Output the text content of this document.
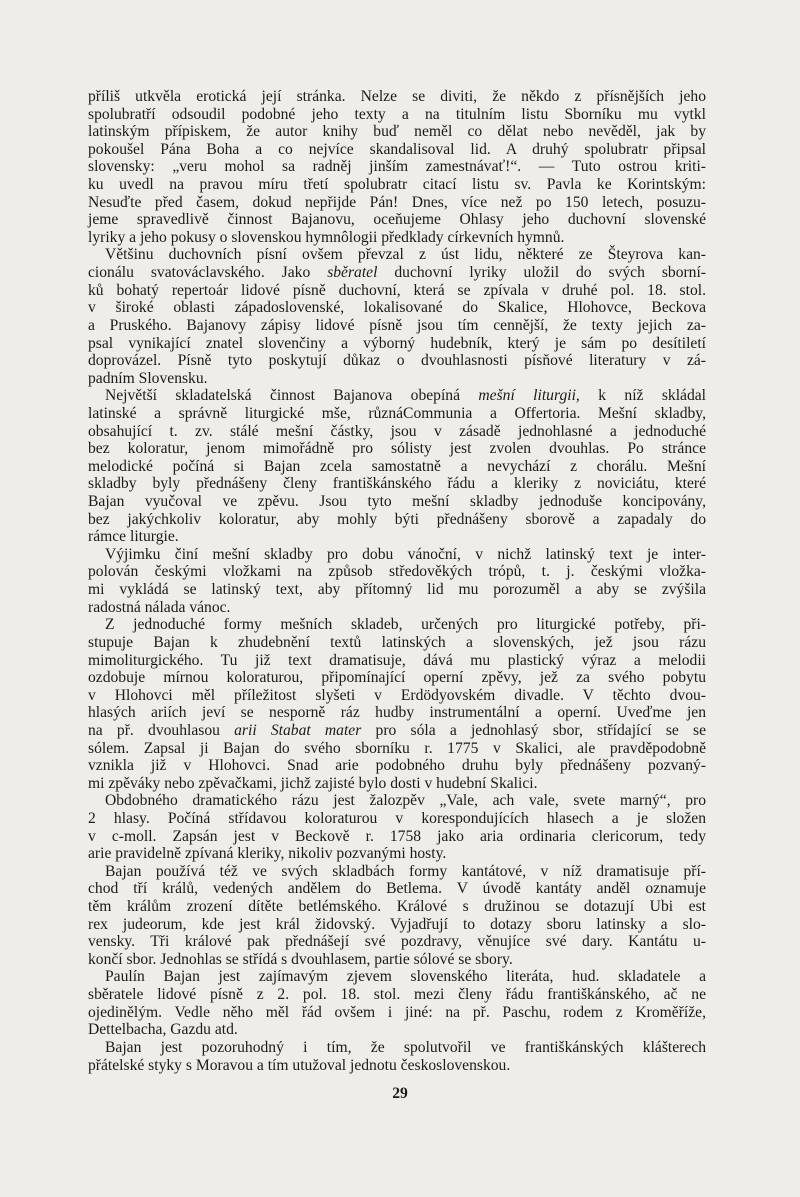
příliš utkvěla erotická její stránka. Nelze se diviti, že někdo z přísnějších jeho
spolubratří odsoudil podobné jeho texty a na titulním listu Sborníku mu vytkl
latinským přípiskem, že autor knihy buď neměl co dělat nebo nevěděl, jak by
pokoušel Pána Boha a co nejvíce skandalisoval lid. A druhý spolubratr připsal
slovensky: „veru mohol sa radněj jinším zamestnávať!“. — Tuto ostrou kriti-
ku uvedl na pravou míru třetí spolubratr citací listu sv. Pavla ke Korintským:
Nesuďte před časem, dokud nepřijde Pán! Dnes, více než po 150 letech, posuzu-
jeme spravedlivě činnost Bajanovu, oceňujeme Ohlasy jeho duchovní slovenské
lyriky a jeho pokusy o slovenskou hymnôlogii předklady církevních hymnů.
Většinu duchovních písní ovšem převzal z úst lidu, některé ze Šteyrova kan-
cionálu svatováclavského. Jako sběratel duchovní lyriky uložil do svých sborní-
ků bohatý repertoár lidové písně duchovní, která se zpívala v druhé pol. 18. stol.
v široké oblasti západoslovenské, lokalisované do Skalice, Hlohovce, Beckova
a Pruského. Bajanovy zápisy lidové písně jsou tím cennější, že texty jejich za-
psal vynikající znatel slovenčiny a výborný hudebník, který je sám po desítiletí
doprovázel. Písně tyto poskytují důkaz o dvouhlasnosti písňové literatury v zá-
padním Slovensku.
Největší skladatelská činnost Bajanova obepíná mešní liturgii, k níž skládal
latinské a správně liturgické mše, různáCommunia a Offertoria. Mešní skladby,
obsahující t. zv. stálé mešní částky, jsou v zásadě jednohlasné a jednoduché
bez koloratur, jenom mimořádně pro sólisty jest zvolen dvouhlas. Po stránce
melodické počíná si Bajan zcela samostatně a nevychází z chorálu. Mešní
skladby byly přednášeny členy františkánského řádu a kleriky z noviciátu, které
Bajan vyučoval ve zpěvu. Jsou tyto mešní skladby jednoduše koncipovány,
bez jakýchkoliv koloratur, aby mohly býti přednášeny sborově a zapadaly do
rámce liturgie.
Výjimku činí mešní skladby pro dobu vánoční, v nichž latinský text je inter-
polován českými vložkami na způsob středověkých trópů, t. j. českými vložka-
mi vykládá se latinský text, aby přítomný lid mu porozuměl a aby se zvýšila
radostná nálada vánoc.
Z jednoduché formy mešních skladeb, určených pro liturgické potřeby, při-
stupuje Bajan k zhudebnění textů latinských a slovenských, jež jsou rázu
mimoliturgického. Tu již text dramatisuje, dává mu plastický výraz a melodii
ozdobuje mírnou koloraturou, připomínající operní zpěvy, jež za svého pobytu
v Hlohovci měl příležitost slyšeti v Erdödyovském divadle. V těchto dvou-
hlasých ariích jeví se nesporně ráz hudby instrumentální a operní. Uveďme jen
na př. dvouhlasou arii Stabat mater pro sóla a jednohlasý sbor, střídající se se
sólem. Zapsal ji Bajan do svého sborníku r. 1775 v Skalici, ale pravděpodobně
vznikla již v Hlohovci. Snad arie podobného druhu byly přednášeny pozvaný-
mi zpěváky nebo zpěvačkami, jichž zajisté bylo dosti v hudební Skalici.
Obdobného dramatického rázu jest žalozpěv „Vale, ach vale, svete marný“, pro
2 hlasy. Počíná střídavou koloraturou v korespondujících hlasech a je složen
v c-moll. Zapsán jest v Beckově r. 1758 jako aria ordinaria clericorum, tedy
arie pravidelně zpívaná kleriky, nikoliv pozvanými hosty.
Bajan používá též ve svých skladbách formy kantátové, v níž dramatisuje pří-
chod tří králů, vedených andělem do Betlema. V úvodě kantáty anděl oznamuje
těm králům zrození dítěte betlémského. Králové s družinou se dotazují Ubi est
rex judeorum, kde jest král židovský. Vyjadřují to dotazy sboru latinsky a slo-
vensky. Tři králové pak přednášejí své pozdravy, věnujíce své dary. Kantátu u-
končí sbor. Jednohlas se střídá s dvouhlasem, partie sólové se sbory.
Paulín Bajan jest zajímavým zjevem slovenského literáta, hud. skladatele a
sběratele lidové písně z 2. pol. 18. stol. mezi členy řádu františkánského, ač ne
ojedinělým. Vedle něho měl řád ovšem i jiné: na př. Paschu, rodem z Kroměříže,
Dettelbacha, Gazdu atd.
Bajan jest pozoruhodný i tím, že spolutvořil ve františkánských klášterech
přátelské styky s Moravou a tím utužoval jednotu československou.
29
